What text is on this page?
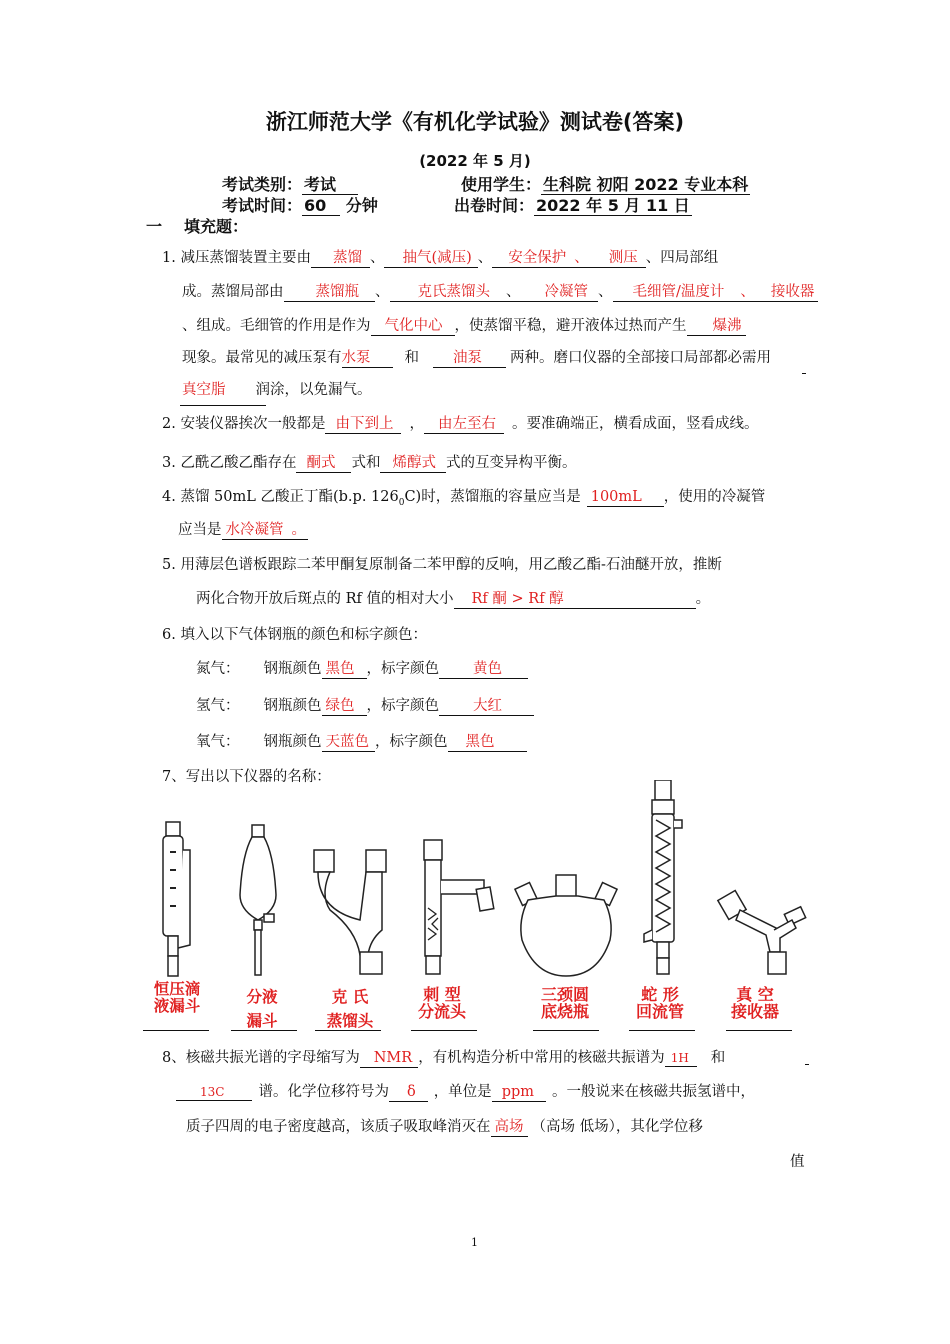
浙江师范大学《有机化学试验》测试卷(答案)
(2022 年 5 月)
考试类别： 考试	使用学生： 生科院 初阳 2022 专业本科
考试时间： 60 分钟	出卷时间： 2022 年 5 月 11 日
一 填充题：
1. 减压蒸馏装置主要由 蒸馏 、 抽气(减压) 、 安全保护 、 测压 、四局部组
成。蒸馏局部由 蒸馏瓶 、 克氏蒸馏头 、 冷凝管 、 毛细管/温度计 、 接收器
、组成。毛细管的作用是作为 气化中心 ，使蒸馏平稳，避开液体过热而产生 爆沸
现象。最常见的减压泵有水泵 和 油泵 两种。磨口仪器的全部接口局部都必需用
真空脂 润涂，以免漏气。
2. 安装仪器挨次一般都是 由下到上 ， 由左至右 。要准确端正，横看成面，竖看成线。
3. 乙酰乙酸乙酯存在 酮式 式和 烯醇式 式的互变异构平衡。
4. 蒸馏 50mL 乙酸正丁酯(b.p. $126_0C$)时，蒸馏瓶的容量应当是 100mL ，使用的冷凝管
应当是 水冷凝管 。
5. 用薄层色谱板跟踪二苯甲酮复原制备二苯甲醇的反响，用乙酸乙酯-石油醚开放，推断
两化合物开放后斑点的 Rf 值的相对大小 Rf 酮 > Rf 醇	。
6. 填入以下气体钢瓶的颜色和标字颜色：
氮气： 钢瓶颜色 黑色 ，标字颜色 黄色
氢气： 钢瓶颜色 绿色 ，标字颜色 大红
氧气： 钢瓶颜色 天蓝色 ，标字颜色 黑色
7、写出以下仪器的名称：
恒压滴
液漏斗	分液
漏斗
克 氏
蒸馏头
刺 型
分流头
三颈圆
底烧瓶
蛇 形
回流管
真 空
接收器
8、核磁共振光谱的字母缩写为 NMR ，有机构造分析中常用的核磁共振谱为 1H 和
13C 谱。化学位移符号为 δ ，单位是 ppm 。一般说来在核磁共振氢谱中，
质子四周的电子密度越高，该质子吸取峰消灭在 高场 （高场 低场），其化学位移
值
1
